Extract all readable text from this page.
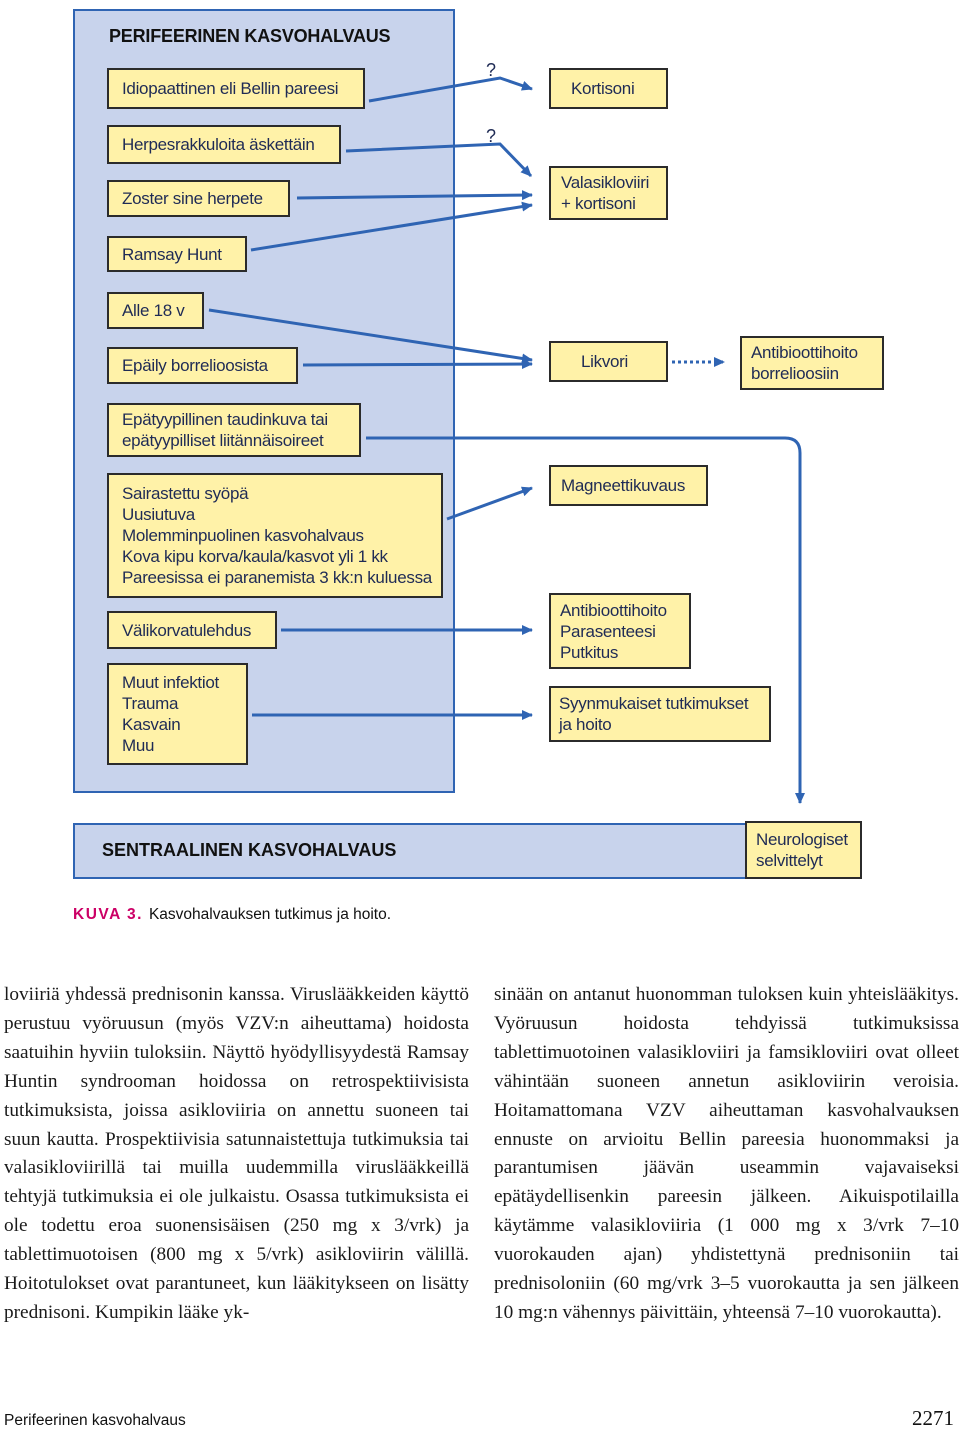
PERIFEERINEN KASVOHALVAUS
Idiopaattinen eli Bellin pareesi
Herpesrakkuloita äskettäin
Zoster sine herpete
Ramsay Hunt
Alle 18 v
Epäily borrelioosista
Epätyypillinen taudinkuva tai
epätyypilliset liitännäisoireet
Sairastettu syöpä
Uusiutuva
Molemminpuolinen kasvohalvaus
Kova kipu korva/kaula/kasvot yli 1 kk
Pareesissa ei paranemista 3 kk:n kuluessa
Välikorvatulehdus
Muut infektiot
Trauma
Kasvain
Muu
Kortisoni
Valasikloviiri
+ kortisoni
Likvori	Antibioottihoito
borrelioosiin
Magneettikuvaus
Antibioottihoito
Parasenteesi
Putkitus
Syynmukaiset tutkimukset
ja hoito
SENTRAALINEN KASVOHALVAUS
Neurologiset
selvittelyt
?
?
KUVA 3. Kasvohalvauksen tutkimus ja hoito.

loviiriä yhdessä prednisonin kanssa. Viruslääkkeiden käyttö perustuu vyöruusun (myös VZV:n aiheuttama) hoidosta saatuihin hyviin tuloksiin. Näyttö hyödyllisyydestä Ramsay Huntin syndrooman hoidossa on retrospektiivisista tutkimuksista, joissa asikloviiria on annettu suoneen tai suun kautta. Prospektiivisia satunnaistettuja tutkimuksia tai valasikloviirillä tai muilla uudemmilla viruslääkkeillä tehtyjä tutkimuksia ei ole julkaistu. Osassa tutkimuksista ei ole todettu eroa suonensisäisen (250 mg x 3/vrk) ja tablettimuotoisen (800 mg x 5/vrk) asikloviirin välillä. Hoitotulokset ovat parantuneet, kun lääkitykseen on lisätty prednisoni. Kumpikin lääke yk-

sinään on antanut huonomman tuloksen kuin yhteislääkitys. Vyöruusun hoidosta tehdyissä tutkimuksissa tablettimuotoinen valasikloviiri ja famsikloviiri ovat olleet vähintään suoneen annetun asikloviirin veroisia. Hoitamattomana VZV aiheuttaman kasvohalvauksen ennuste on arvioitu Bellin pareesia huonommaksi ja parantumisen jäävän useammin vajavaiseksi epätäydellisenkin pareesin jälkeen. Aikuispotilailla käytämme valasikloviiria (1 000 mg x 3/vrk 7–10 vuorokauden ajan) yhdistettynä prednisoniin tai prednisoloniin (60 mg/vrk 3–5 vuorokautta ja sen jälkeen 10 mg:n vähennys päivittäin, yhteensä 7–10 vuorokautta).

Perifeerinen kasvohalvaus	2271
